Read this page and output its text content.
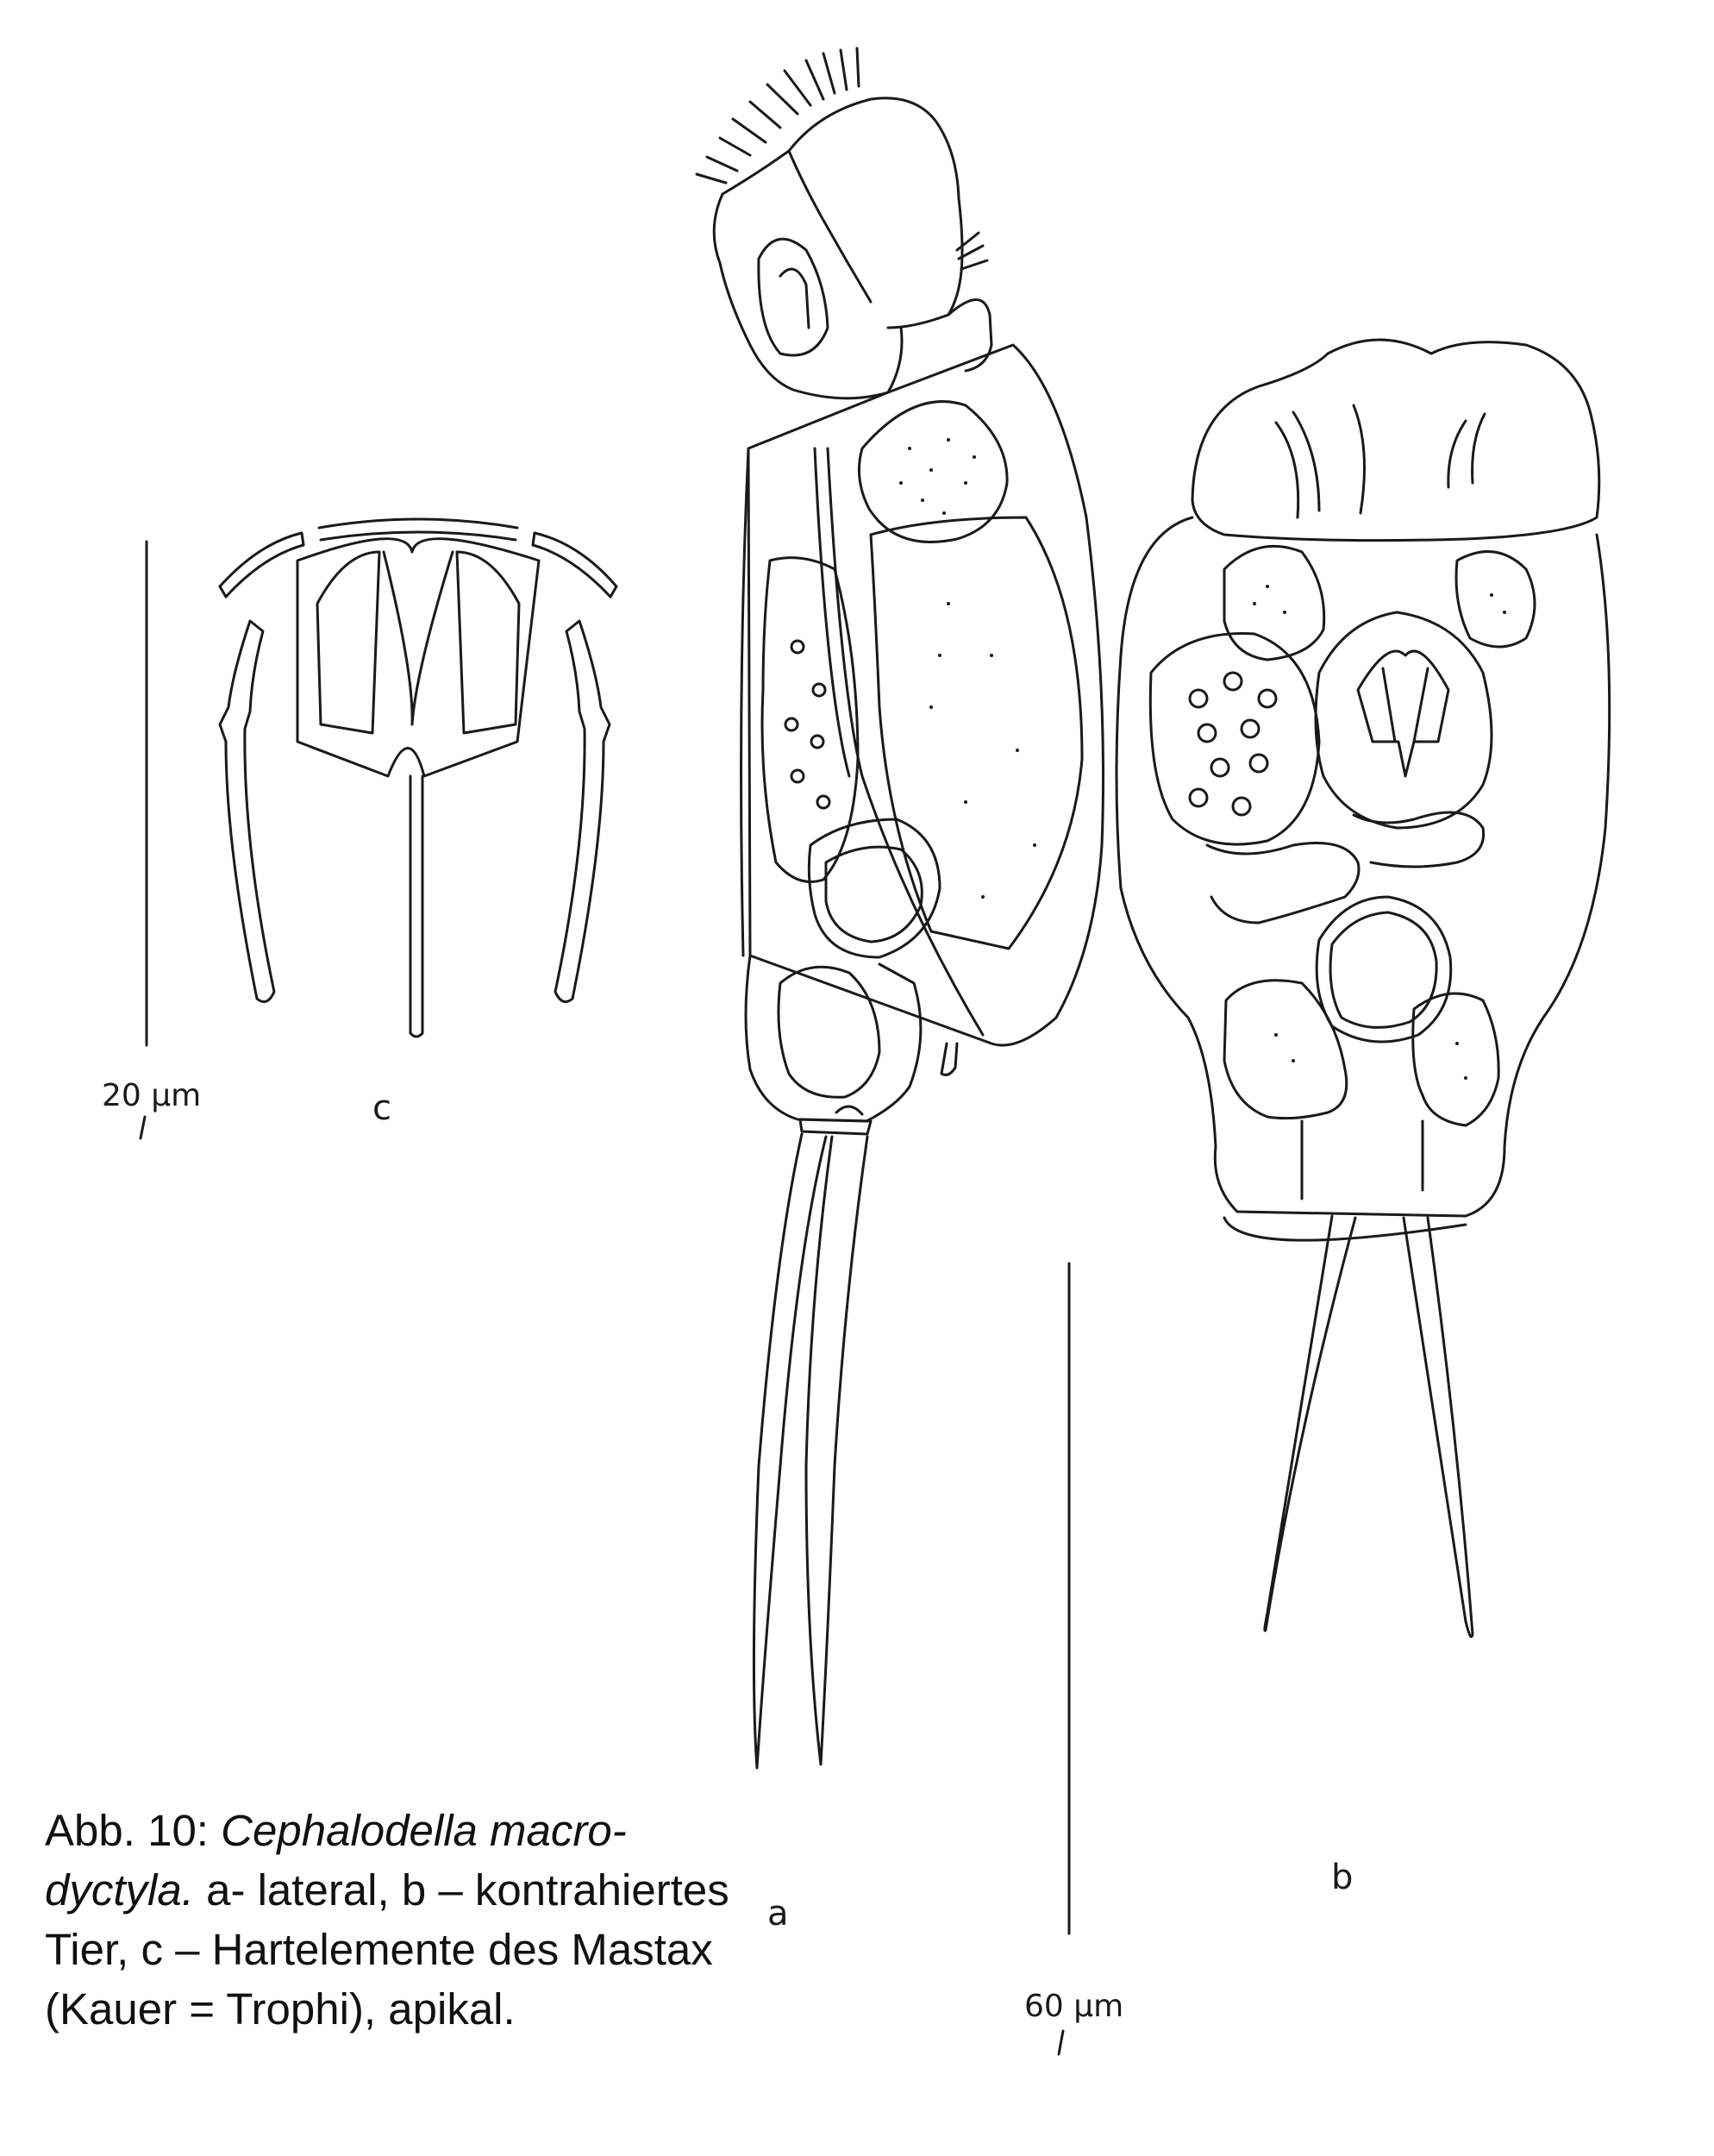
c
a
b
20 µm
60 µm

Abb. 10: Cephalodella macro-dyctyla. a- lateral, b – kontrahiertes Tier, c – Hartelemente des Mastax (Kauer = Trophi), apikal.
